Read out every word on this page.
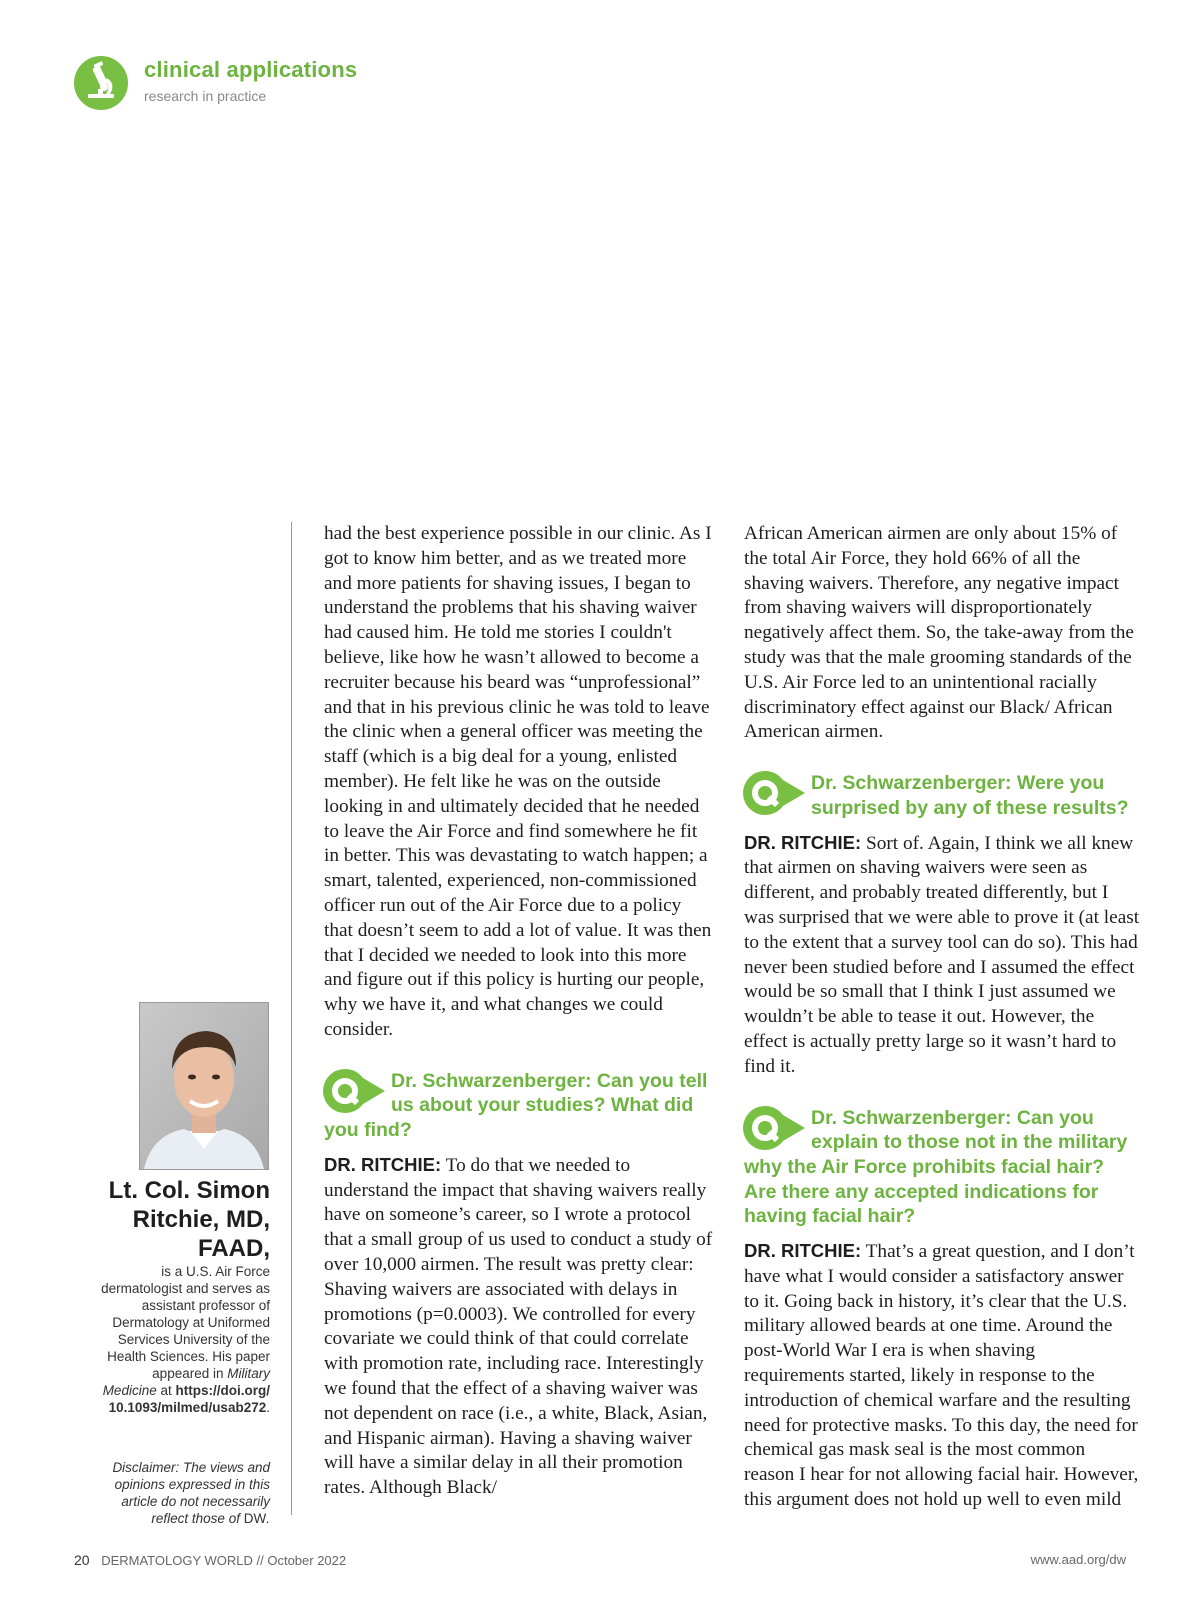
clinical applications
research in practice
Lt. Col. Simon Ritchie, MD, FAAD,
is a U.S. Air Force dermatologist and serves as assistant professor of Dermatology at Uniformed Services University of the Health Sciences. His paper appeared in Military Medicine at https://doi.org/10.1093/milmed/usab272.
Disclaimer: The views and opinions expressed in this article do not necessarily reflect those of DW.

had the best experience possible in our clinic. As I got to know him better, and as we treated more and more patients for shaving issues, I began to understand the problems that his shaving waiver had caused him. He told me stories I couldn't believe, like how he wasn’t allowed to become a recruiter because his beard was “unprofessional” and that in his previous clinic he was told to leave the clinic when a general officer was meeting the staff (which is a big deal for a young, enlisted member). He felt like he was on the outside looking in and ultimately decided that he needed to leave the Air Force and find somewhere he fit in better. This was devastating to watch happen; a smart, talented, experienced, non-commissioned officer run out of the Air Force due to a policy that doesn’t seem to add a lot of value. It was then that I decided we needed to look into this more and figure out if this policy is hurting our people, why we have it, and what changes we could consider.

Dr. Schwarzenberger: Can you tell us about your studies? What did you find?

DR. RITCHIE: To do that we needed to understand the impact that shaving waivers really have on someone’s career, so I wrote a protocol that a small group of us used to conduct a study of over 10,000 airmen. The result was pretty clear: Shaving waivers are associated with delays in promotions (p=0.0003). We controlled for every covariate we could think of that could correlate with promotion rate, including race. Interestingly we found that the effect of a shaving waiver was not dependent on race (i.e., a white, Black, Asian, and Hispanic airman). Having a shaving waiver will have a similar delay in all their promotion rates. Although Black/

African American airmen are only about 15% of the total Air Force, they hold 66% of all the shaving waivers. Therefore, any negative impact from shaving waivers will disproportionately negatively affect them. So, the take-away from the study was that the male grooming standards of the U.S. Air Force led to an unintentional racially discriminatory effect against our Black/ African American airmen.

Dr. Schwarzenberger: Were you surprised by any of these results?

DR. RITCHIE: Sort of. Again, I think we all knew that airmen on shaving waivers were seen as different, and probably treated differently, but I was surprised that we were able to prove it (at least to the extent that a survey tool can do so). This had never been studied before and I assumed the effect would be so small that I think I just assumed we wouldn’t be able to tease it out. However, the effect is actually pretty large so it wasn’t hard to find it.

Dr. Schwarzenberger: Can you explain to those not in the military why the Air Force prohibits facial hair? Are there any accepted indications for having facial hair?

DR. RITCHIE: That’s a great question, and I don’t have what I would consider a satisfactory answer to it. Going back in history, it’s clear that the U.S. military allowed beards at one time. Around the post-World War I era is when shaving requirements started, likely in response to the introduction of chemical warfare and the resulting need for protective masks. To this day, the need for chemical gas mask seal is the most common reason I hear for not allowing facial hair. However, this argument does not hold up well to even mild

20 DERMATOLOGY WORLD // October 2022	www.aad.org/dw
